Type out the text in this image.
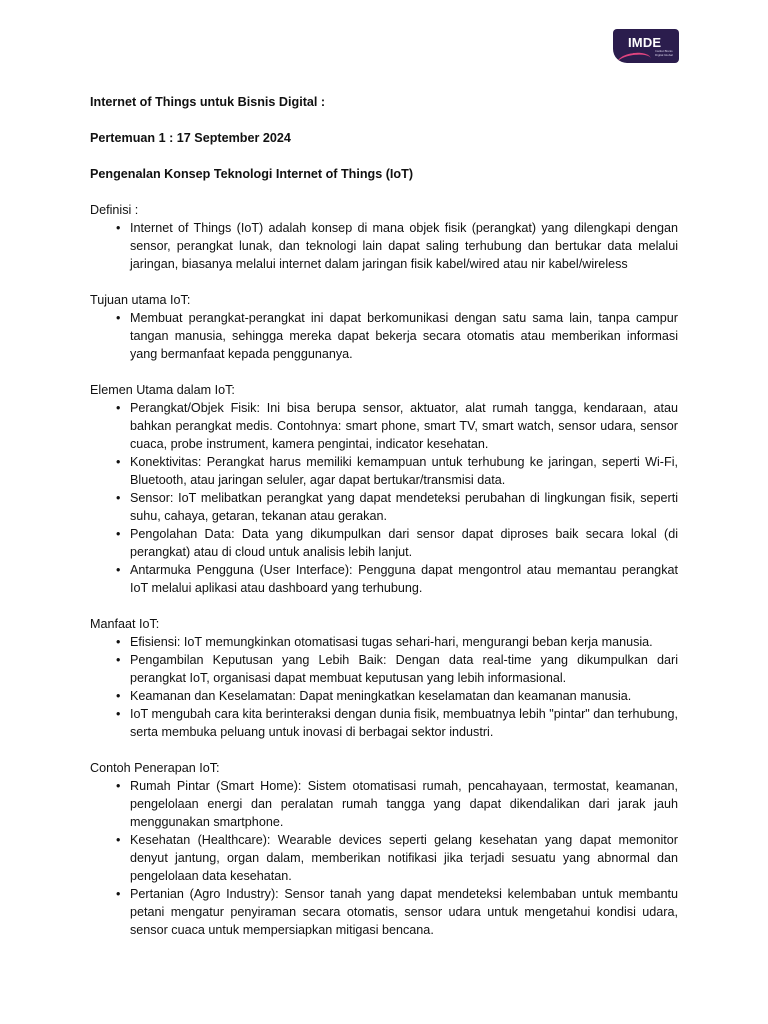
IMDE
Institut Bisnis Digital Global

Internet of Things untuk Bisnis Digital :

Pertemuan 1 : 17 September 2024

Pengenalan Konsep Teknologi Internet of Things (IoT)

Definisi :

• Internet of Things (IoT) adalah konsep di mana objek fisik (perangkat) yang dilengkapi dengan sensor, perangkat lunak, dan teknologi lain dapat saling terhubung dan bertukar data melalui jaringan, biasanya melalui internet dalam jaringan fisik kabel/wired atau nir kabel/wireless

Tujuan utama IoT:

• Membuat perangkat-perangkat ini dapat berkomunikasi dengan satu sama lain, tanpa campur tangan manusia, sehingga mereka dapat bekerja secara otomatis atau memberikan informasi yang bermanfaat kepada penggunanya.

Elemen Utama dalam IoT:

• Perangkat/Objek Fisik: Ini bisa berupa sensor, aktuator, alat rumah tangga, kendaraan, atau bahkan perangkat medis. Contohnya: smart phone, smart TV, smart watch, sensor udara, sensor cuaca, probe instrument, kamera pengintai, indicator kesehatan.
• Konektivitas: Perangkat harus memiliki kemampuan untuk terhubung ke jaringan, seperti Wi-Fi, Bluetooth, atau jaringan seluler, agar dapat bertukar/transmisi data.
• Sensor: IoT melibatkan perangkat yang dapat mendeteksi perubahan di lingkungan fisik, seperti suhu, cahaya, getaran, tekanan atau gerakan.
• Pengolahan Data: Data yang dikumpulkan dari sensor dapat diproses baik secara lokal (di perangkat) atau di cloud untuk analisis lebih lanjut.
• Antarmuka Pengguna (User Interface): Pengguna dapat mengontrol atau memantau perangkat IoT melalui aplikasi atau dashboard yang terhubung.

Manfaat IoT:

• Efisiensi: IoT memungkinkan otomatisasi tugas sehari-hari, mengurangi beban kerja manusia.
• Pengambilan Keputusan yang Lebih Baik: Dengan data real-time yang dikumpulkan dari perangkat IoT, organisasi dapat membuat keputusan yang lebih informasional.
• Keamanan dan Keselamatan: Dapat meningkatkan keselamatan dan keamanan manusia.
• IoT mengubah cara kita berinteraksi dengan dunia fisik, membuatnya lebih "pintar" dan terhubung, serta membuka peluang untuk inovasi di berbagai sektor industri.

Contoh Penerapan IoT:

• Rumah Pintar (Smart Home): Sistem otomatisasi rumah, pencahayaan, termostat, keamanan, pengelolaan energi dan peralatan rumah tangga yang dapat dikendalikan dari jarak jauh menggunakan smartphone.
• Kesehatan (Healthcare): Wearable devices seperti gelang kesehatan yang dapat memonitor denyut jantung, organ dalam, memberikan notifikasi jika terjadi sesuatu yang abnormal dan pengelolaan data kesehatan.
• Pertanian (Agro Industry): Sensor tanah yang dapat mendeteksi kelembaban untuk membantu petani mengatur penyiraman secara otomatis, sensor udara untuk mengetahui kondisi udara, sensor cuaca untuk mempersiapkan mitigasi bencana.
